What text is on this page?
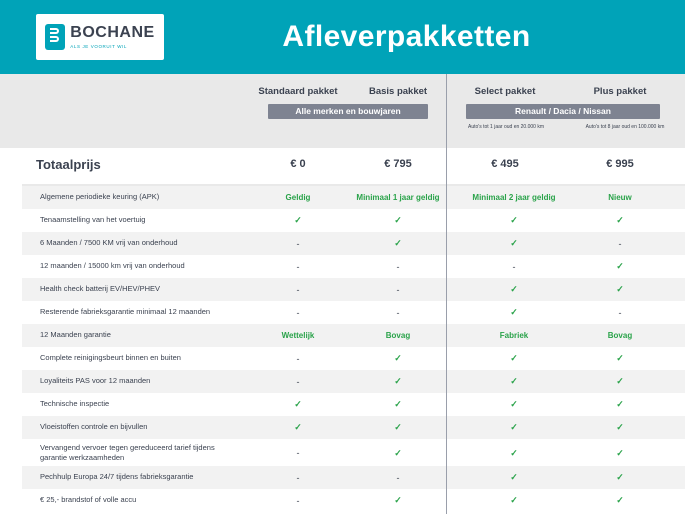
BOCHANE
ALS JE VOORUIT WIL	Afleverpakketten
Standaard pakket	Basis pakket	Select pakket	Plus pakket
Alle merken en bouwjaren	Renault / Dacia / Nissan
Auto's tot 1 jaar oud en 20.000 km	Auto's tot 8 jaar oud en 100.000 km
Totaalprijs	€ 0	€ 795	€ 495	€ 995
Algemene periodieke keuring (APK)	Geldig	Minimaal 1 jaar geldig	Minimaal 2 jaar geldig	Nieuw
Tenaamstelling van het voertuig	✓	✓	✓	✓
6 Maanden / 7500 KM vrij van onderhoud	-	✓	✓	-
12 maanden / 15000 km vrij van onderhoud	-	-	-	✓
Health check batterij EV/HEV/PHEV	-	-	✓	✓
Resterende fabrieksgarantie minimaal 12 maanden	-	-	✓	-
12 Maanden garantie	Wettelijk	Bovag	Fabriek	Bovag
Complete reinigingsbeurt binnen en buiten	-	✓	✓	✓
Loyaliteits PAS voor 12 maanden	-	✓	✓	✓
Technische inspectie	✓	✓	✓	✓
Vloeistoffen controle en bijvullen	✓	✓	✓	✓
Vervangend vervoer tegen gereduceerd tarief tijdens garantie werkzaamheden	-	✓	✓	✓
Pechhulp Europa 24/7 tijdens fabrieksgarantie	-	-	✓	✓
€ 25,- brandstof of volle accu	-	✓	✓	✓
